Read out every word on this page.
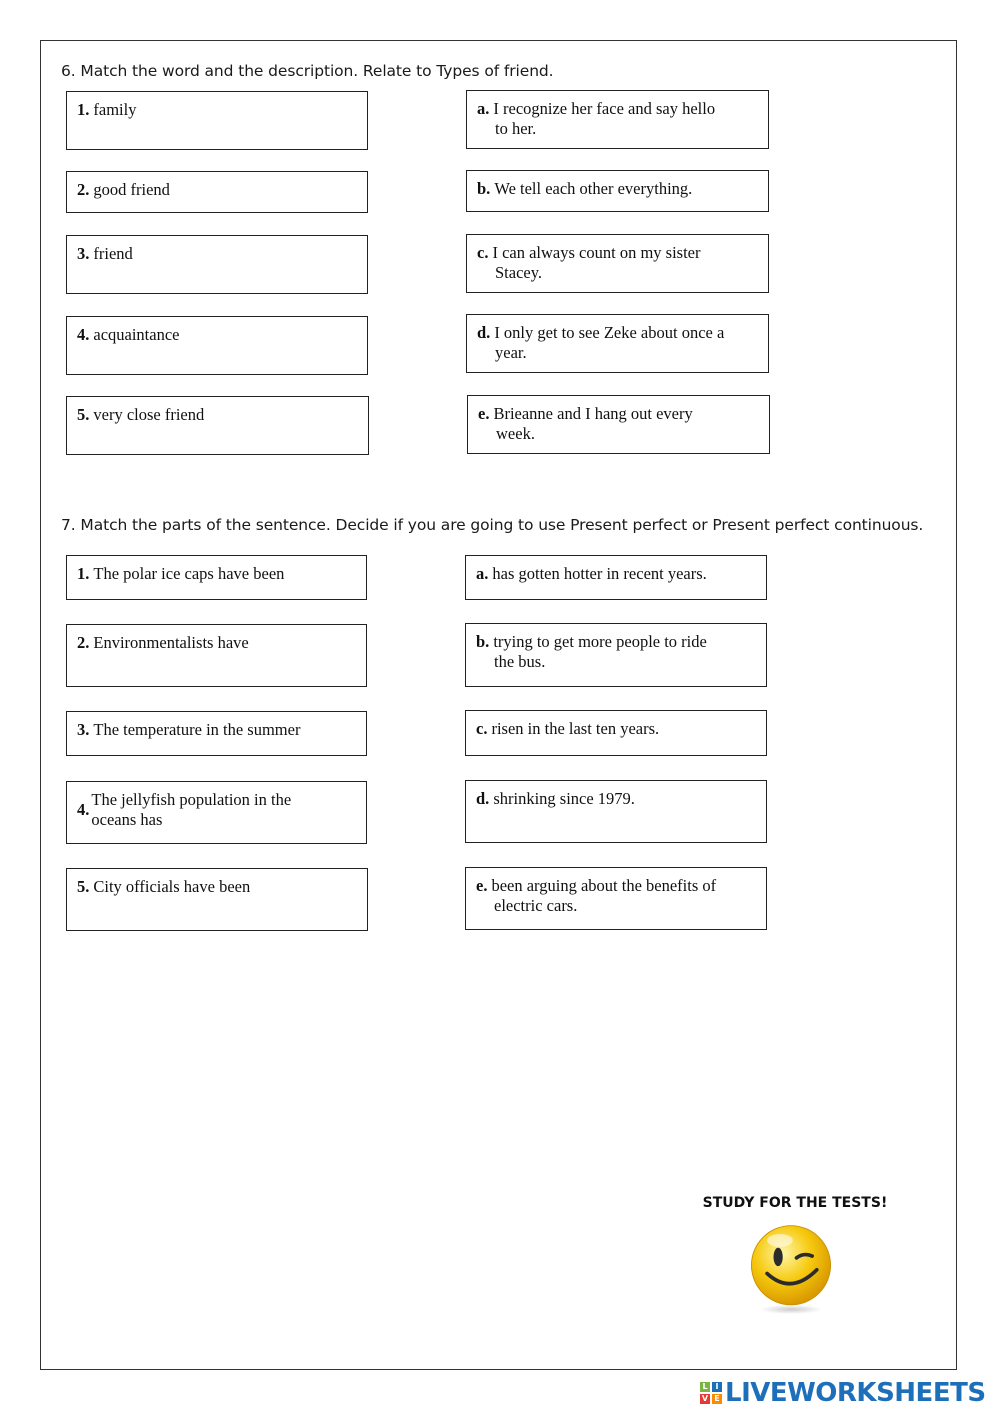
6. Match the word and the description. Relate to Types of friend.
1. family
2. good friend
3. friend
4. acquaintance
5. very close friend
a. I recognize her face and say hello
to her.
b. We tell each other everything.
c. I can always count on my sister
Stacey.
d. I only get to see Zeke about once a
year.
e. Brieanne and I hang out every
week.
7. Match the parts of the sentence. Decide if you are going to use Present perfect or Present perfect continuous.
1. The polar ice caps have been
2. Environmentalists have
3. The temperature in the summer
4.
The jellyfish population in the
oceans has
5. City officials have been
a. has gotten hotter in recent years.
b. trying to get more people to ride
the bus.
c. risen in the last ten years.
d. shrinking since 1979.
e. been arguing about the benefits of
electric cars.
STUDY FOR THE TESTS!
L I
V E LIVEWORKSHEETS
